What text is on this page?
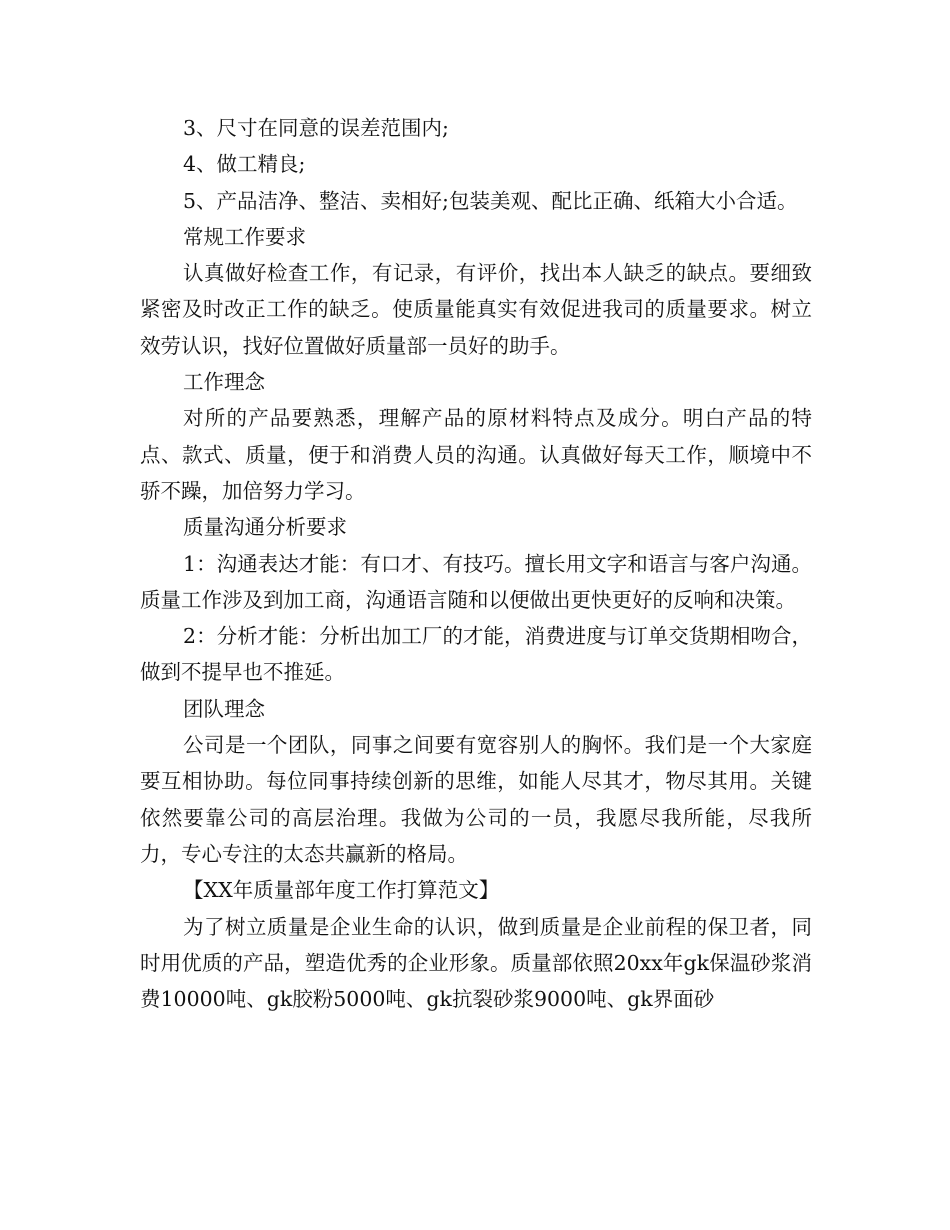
3、尺寸在同意的误差范围内;

4、做工精良;

5、产品洁净、整洁、卖相好;包装美观、配比正确、纸箱大小合适。

常规工作要求

认真做好检查工作，有记录，有评价，找出本人缺乏的缺点。要细致紧密及时改正工作的缺乏。使质量能真实有效促进我司的质量要求。树立效劳认识，找好位置做好质量部一员好的助手。

工作理念

对所的产品要熟悉，理解产品的原材料特点及成分。明白产品的特点、款式、质量，便于和消费人员的沟通。认真做好每天工作，顺境中不骄不躁，加倍努力学习。

质量沟通分析要求

1：沟通表达才能：有口才、有技巧。擅长用文字和语言与客户沟通。质量工作涉及到加工商，沟通语言随和以便做出更快更好的反响和决策。

2：分析才能：分析出加工厂的才能，消费进度与订单交货期相吻合，做到不提早也不推延。

团队理念

公司是一个团队，同事之间要有宽容别人的胸怀。我们是一个大家庭要互相协助。每位同事持续创新的思维，如能人尽其才，物尽其用。关键依然要靠公司的高层治理。我做为公司的一员，我愿尽我所能，尽我所力，专心专注的太态共赢新的格局。

【XX年质量部年度工作打算范文】

为了树立质量是企业生命的认识，做到质量是企业前程的保卫者，同时用优质的产品，塑造优秀的企业形象。质量部依照20xx年gk保温砂浆消费10000吨、gk胶粉5000吨、gk抗裂砂浆9000吨、gk界面砂
